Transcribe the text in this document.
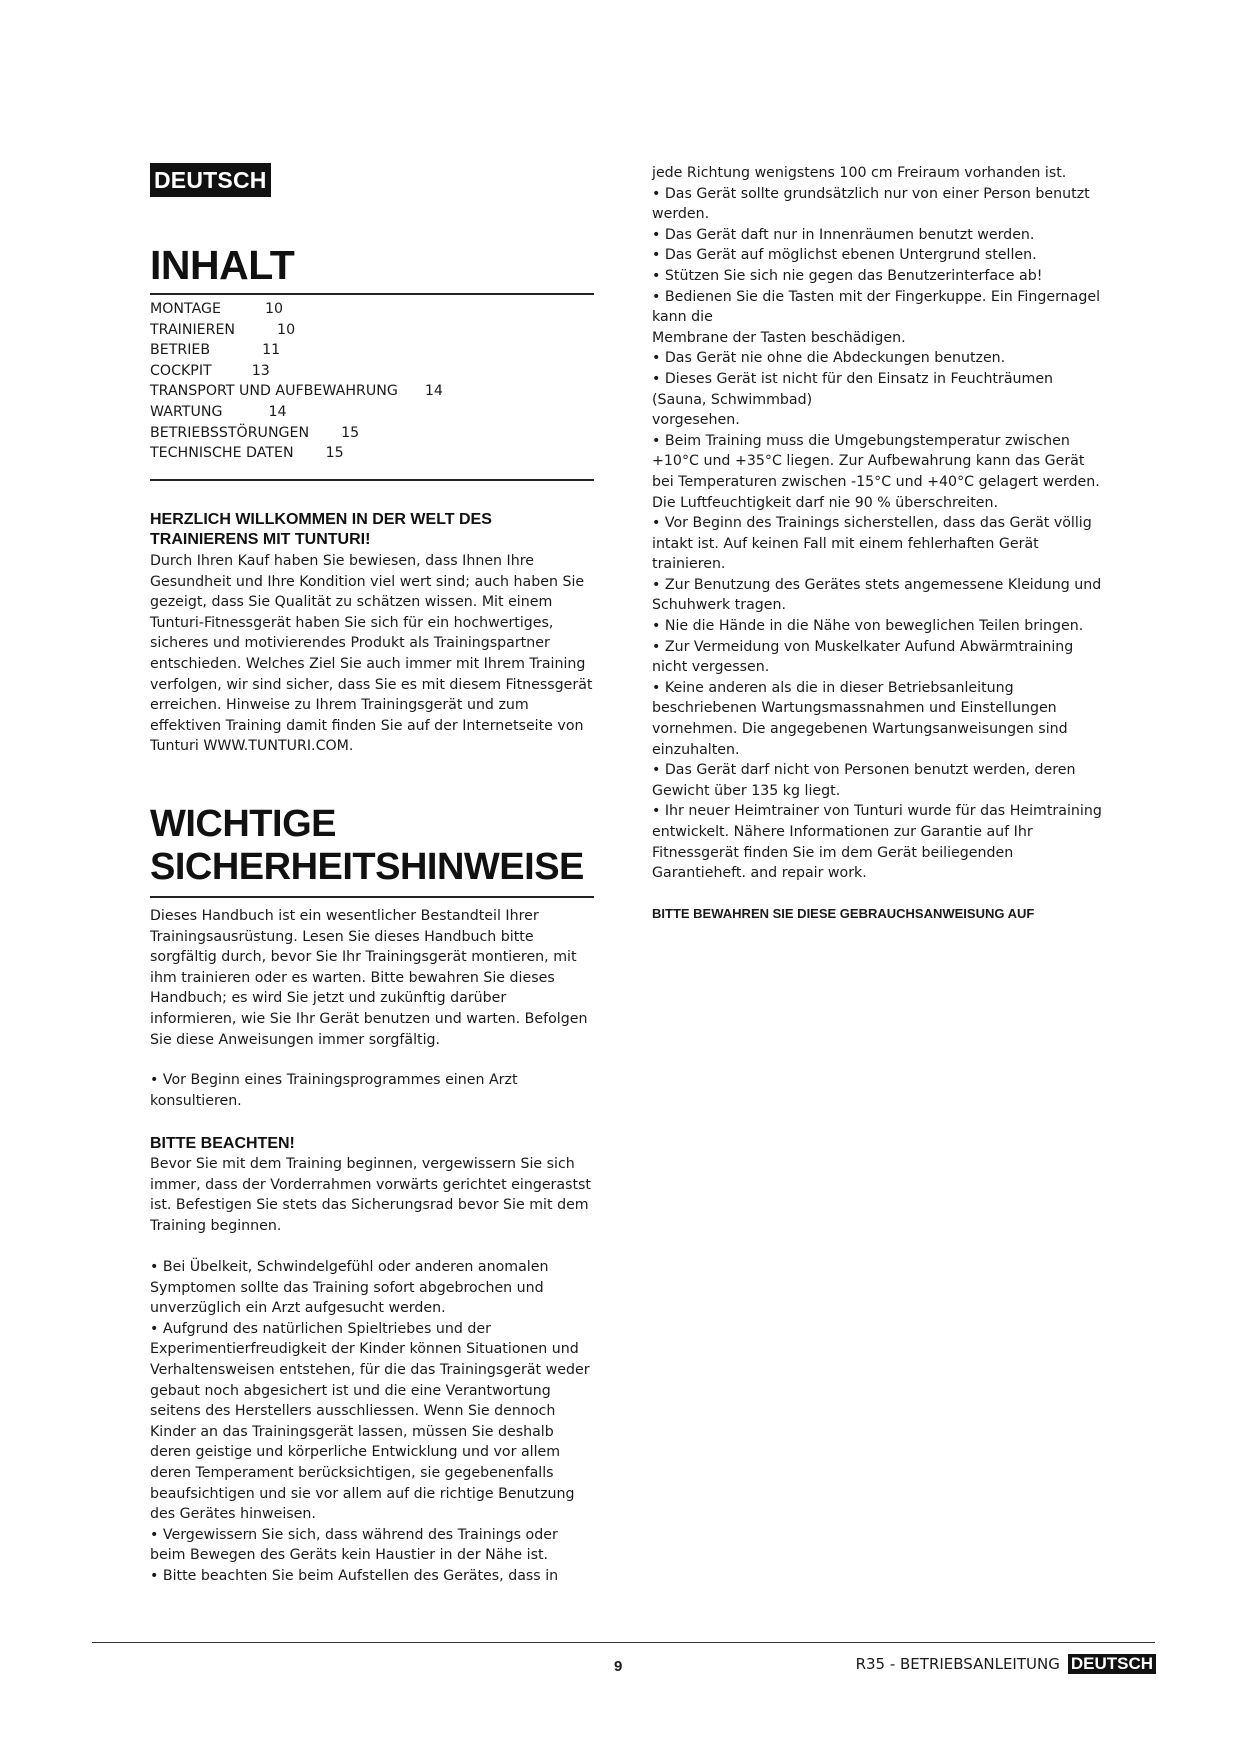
DEUTSCH
INHALT
MONTAGE	10
TRAINIEREN	10
BETRIEB	11
COCKPIT	13
TRANSPORT UND AUFBEWAHRUNG 14
WARTUNG	14
BETRIEBSSTÖRUNGEN 15
TECHNISCHE DATEN 15
HERZLICH WILLKOMMEN IN DER WELT DES TRAINIERENS MIT TUNTURI!

Durch Ihren Kauf haben Sie bewiesen, dass Ihnen Ihre Gesundheit und Ihre Kondition viel wert sind; auch haben Sie gezeigt, dass Sie Qualität zu schätzen wissen. Mit einem Tunturi-Fitnessgerät haben Sie sich für ein hochwertiges, sicheres und motivierendes Produkt als Trainingspartner entschieden. Welches Ziel Sie auch immer mit Ihrem Training verfolgen, wir sind sicher, dass Sie es mit diesem Fitnessgerät erreichen. Hinweise zu Ihrem Trainingsgerät und zum effektiven Training damit finden Sie auf der Internetseite von Tunturi WWW.TUNTURI.COM.

WICHTIGE
SICHERHEITSHINWEISE

Dieses Handbuch ist ein wesentlicher Bestandteil Ihrer Trainingsausrüstung. Lesen Sie dieses Handbuch bitte sorgfältig durch, bevor Sie Ihr Trainingsgerät montieren, mit ihm trainieren oder es warten. Bitte bewahren Sie dieses Handbuch; es wird Sie jetzt und zukünftig darüber informieren, wie Sie Ihr Gerät benutzen und warten. Befolgen Sie diese Anweisungen immer sorgfältig.

• Vor Beginn eines Trainingsprogrammes einen Arzt konsultieren.

BITTE BEACHTEN!

Bevor Sie mit dem Training beginnen, vergewissern Sie sich immer, dass der Vorderrahmen vorwärts gerichtet eingerastst ist. Befestigen Sie stets das Sicherungsrad bevor Sie mit dem Training beginnen.

• Bei Übelkeit, Schwindelgefühl oder anderen anomalen Symptomen sollte das Training sofort abgebrochen und unverzüglich ein Arzt aufgesucht werden.

• Aufgrund des natürlichen Spieltriebes und der Experimentierfreudigkeit der Kinder können Situationen und Verhaltensweisen entstehen, für die das Trainingsgerät weder gebaut noch abgesichert ist und die eine Verantwortung seitens des Herstellers ausschliessen. Wenn Sie dennoch Kinder an das Trainingsgerät lassen, müssen Sie deshalb deren geistige und körperliche Entwicklung und vor allem deren Temperament berücksichtigen, sie gegebenenfalls beaufsichtigen und sie vor allem auf die richtige Benutzung des Gerätes hinweisen.

• Vergewissern Sie sich, dass während des Trainings oder beim Bewegen des Geräts kein Haustier in der Nähe ist.

• Bitte beachten Sie beim Aufstellen des Gerätes, dass in

jede Richtung wenigstens 100 cm Freiraum vorhanden ist.

• Das Gerät sollte grundsätzlich nur von einer Person benutzt werden.

• Das Gerät daft nur in Innenräumen benutzt werden.

• Das Gerät auf möglichst ebenen Untergrund stellen.

• Stützen Sie sich nie gegen das Benutzerinterface ab!

• Bedienen Sie die Tasten mit der Fingerkuppe. Ein Fingernagel kann die

Membrane der Tasten beschädigen.

• Das Gerät nie ohne die Abdeckungen benutzen.

• Dieses Gerät ist nicht für den Einsatz in Feuchträumen (Sauna, Schwimmbad)

vorgesehen.

• Beim Training muss die Umgebungstemperatur zwischen +10°C und +35°C liegen. Zur Aufbewahrung kann das Gerät bei Temperaturen zwischen -15°C und +40°C gelagert werden. Die Luftfeuchtigkeit darf nie 90 % überschreiten.

• Vor Beginn des Trainings sicherstellen, dass das Gerät völlig intakt ist. Auf keinen Fall mit einem fehlerhaften Gerät trainieren.

• Zur Benutzung des Gerätes stets angemessene Kleidung und Schuhwerk tragen.

• Nie die Hände in die Nähe von beweglichen Teilen bringen.

• Zur Vermeidung von Muskelkater Aufund Abwärmtraining nicht vergessen.

• Keine anderen als die in dieser Betriebsanleitung beschriebenen Wartungsmassnahmen und Einstellungen vornehmen. Die angegebenen Wartungsanweisungen sind einzuhalten.

• Das Gerät darf nicht von Personen benutzt werden, deren Gewicht über 135 kg liegt.

• Ihr neuer Heimtrainer von Tunturi wurde für das Heimtraining entwickelt. Nähere Informationen zur Garantie auf Ihr Fitnessgerät finden Sie im dem Gerät beiliegenden Garantieheft. and repair work.

BITTE BEWAHREN SIE DIESE GEBRAUCHSANWEISUNG AUF

9	R35 - BETRIEBSANLEITUNG DEUTSCH
